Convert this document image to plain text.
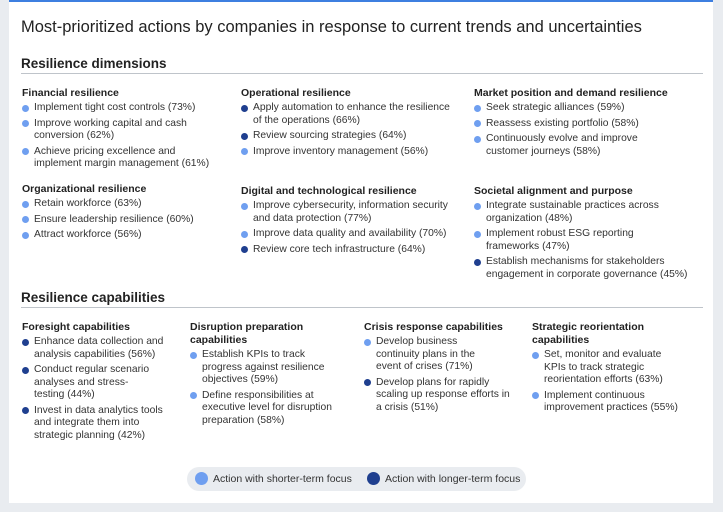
Most-prioritized actions by companies in response to current trends and uncertainties
Resilience dimensions
Financial resilience
Implement tight cost controls (73%)
Improve working capital and cash conversion (62%)
Achieve pricing excellence and implement margin management (61%)
Operational resilience
Apply automation to enhance the resilience of the operations (66%)
Review sourcing strategies (64%)
Improve inventory management (56%)
Market position and demand resilience
Seek strategic alliances (59%)
Reassess existing portfolio (58%)
Continuously evolve and improve customer journeys (58%)
Organizational resilience
Retain workforce (63%)
Ensure leadership resilience (60%)
Attract workforce (56%)
Digital and technological resilience
Improve cybersecurity, information security and data protection (77%)
Improve data quality and availability (70%)
Review core tech infrastructure (64%)
Societal alignment and purpose
Integrate sustainable practices across organization (48%)
Implement robust ESG reporting frameworks (47%)
Establish mechanisms for stakeholders engagement in corporate governance (45%)
Resilience capabilities
Foresight capabilities
Enhance data collection and analysis capabilities (56%)
Conduct regular scenario analyses and stress-testing (44%)
Invest in data analytics tools and integrate them into strategic planning (42%)
Disruption preparation capabilities
Establish KPIs to track progress against resilience objectives (59%)
Define responsibilities at executive level for disruption preparation (58%)
Crisis response capabilities
Develop business continuity plans in the event of crises (71%)
Develop plans for rapidly scaling up response efforts in a crisis (51%)
Strategic reorientation capabilities
Set, monitor and evaluate KPIs to track strategic reorientation efforts (63%)
Implement continuous improvement practices (55%)
Action with shorter-term focus	Action with longer-term focus
